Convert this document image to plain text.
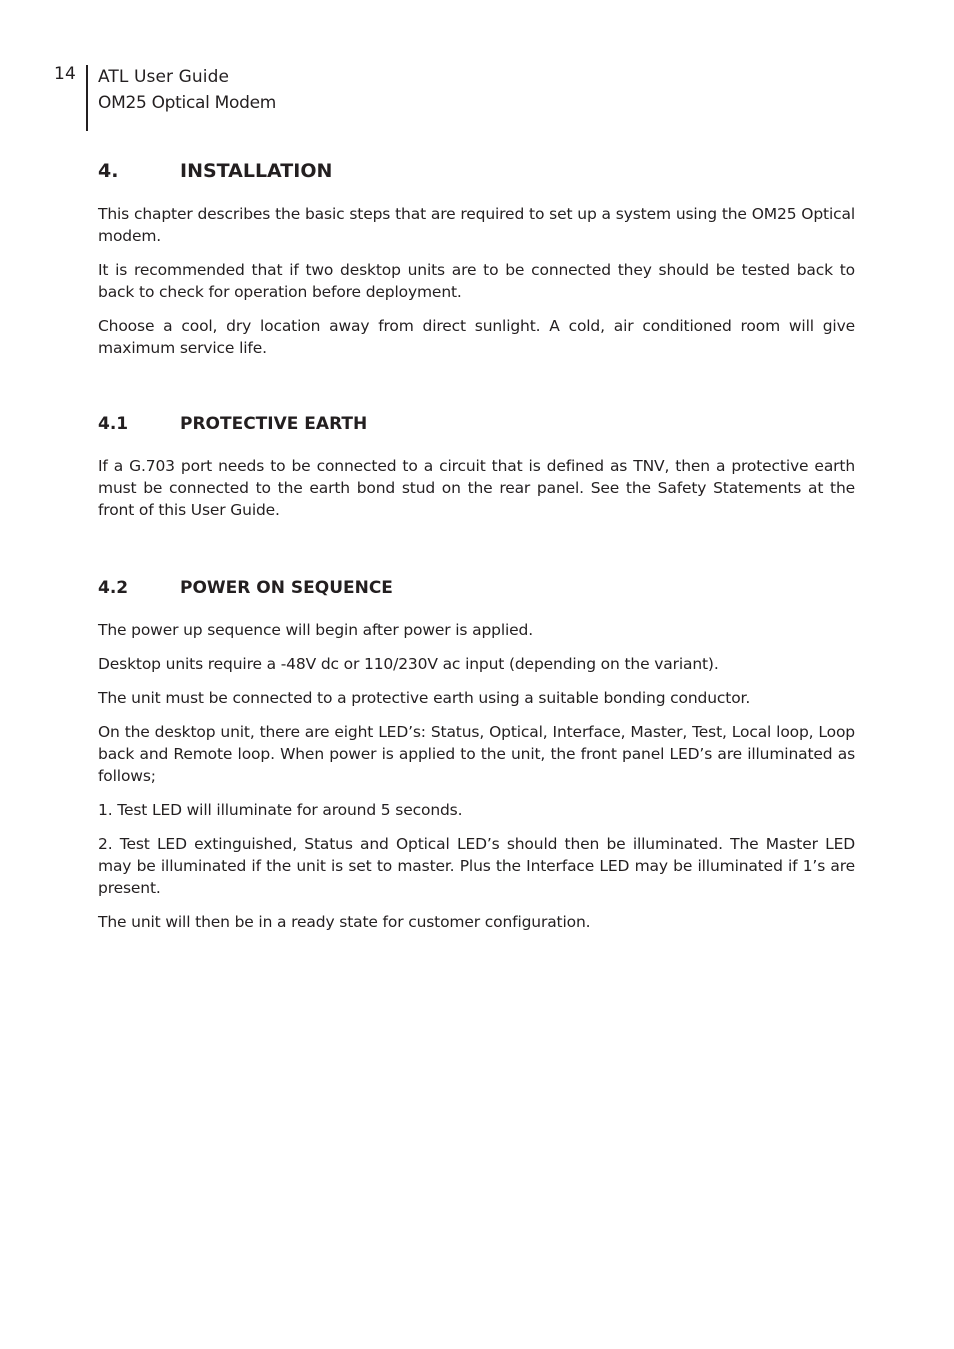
14 ATL User Guide
OM25 Optical Modem
4.	INSTALLATION

This chapter describes the basic steps that are required to set up a system using the OM25 Optical modem.

It is recommended that if two desktop units are to be connected they should be tested back to back to check for operation before deployment.

Choose a cool, dry location away from direct sunlight. A cold, air conditioned room will give maximum service life.

4.1	PROTECTIVE EARTH

If a G.703 port needs to be connected to a circuit that is defined as TNV, then a protective earth must be connected to the earth bond stud on the rear panel. See the Safety Statements at the front of this User Guide.

4.2	POWER ON SEQUENCE

The power up sequence will begin after power is applied.

Desktop units require a -48V dc or 110/230V ac input (depending on the variant).

The unit must be connected to a protective earth using a suitable bonding conductor.

On the desktop unit, there are eight LED’s: Status, Optical, Interface, Master, Test, Local loop, Loop back and Remote loop. When power is applied to the unit, the front panel LED’s are illuminated as follows;

1. Test LED will illuminate for around 5 seconds.

2. Test LED extinguished, Status and Optical LED’s should then be illuminated. The Master LED may be illuminated if the unit is set to master. Plus the Interface LED may be illuminated if 1’s are present.

The unit will then be in a ready state for customer configuration.
